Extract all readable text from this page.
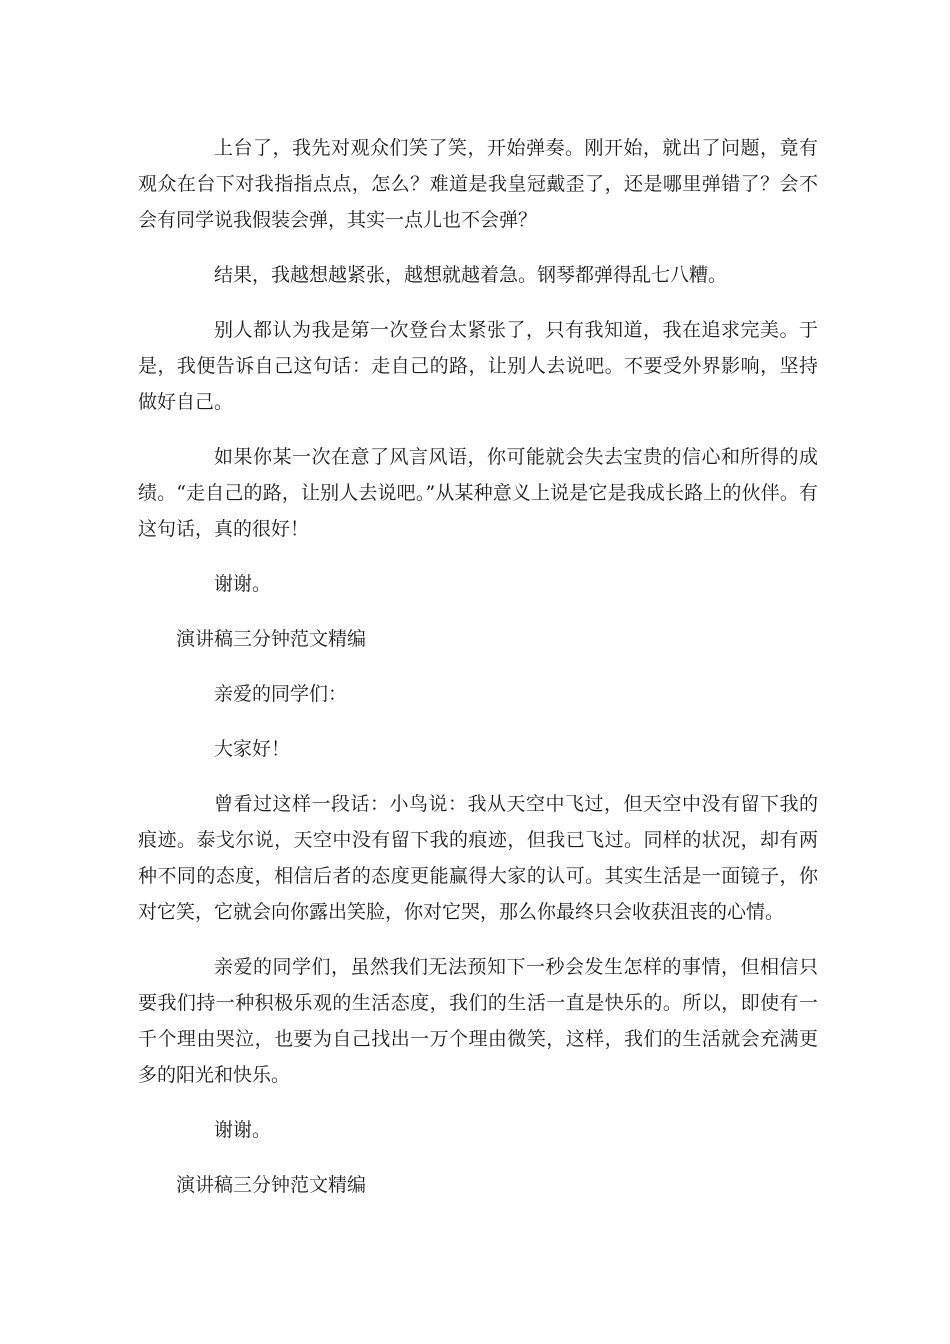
上台了，我先对观众们笑了笑，开始弹奏。刚开始，就出了问题，竟有观众在台下对我指指点点，怎么？难道是我皇冠戴歪了，还是哪里弹错了？会不会有同学说我假装会弹，其实一点儿也不会弹？

结果，我越想越紧张，越想就越着急。钢琴都弹得乱七八糟。

别人都认为我是第一次登台太紧张了，只有我知道，我在追求完美。于是，我便告诉自己这句话：走自己的路，让别人去说吧。不要受外界影响，坚持做好自己。

如果你某一次在意了风言风语，你可能就会失去宝贵的信心和所得的成绩。“走自己的路，让别人去说吧。”从某种意义上说是它是我成长路上的伙伴。有这句话，真的很好！

谢谢。

演讲稿三分钟范文精编

亲爱的同学们：

大家好！

曾看过这样一段话：小鸟说：我从天空中飞过，但天空中没有留下我的痕迹。泰戈尔说，天空中没有留下我的痕迹，但我已飞过。同样的状况，却有两种不同的态度，相信后者的态度更能赢得大家的认可。其实生活是一面镜子，你对它笑，它就会向你露出笑脸，你对它哭，那么你最终只会收获沮丧的心情。

亲爱的同学们，虽然我们无法预知下一秒会发生怎样的事情，但相信只要我们持一种积极乐观的生活态度，我们的生活一直是快乐的。所以，即使有一千个理由哭泣，也要为自己找出一万个理由微笑，这样，我们的生活就会充满更多的阳光和快乐。

谢谢。

演讲稿三分钟范文精编
